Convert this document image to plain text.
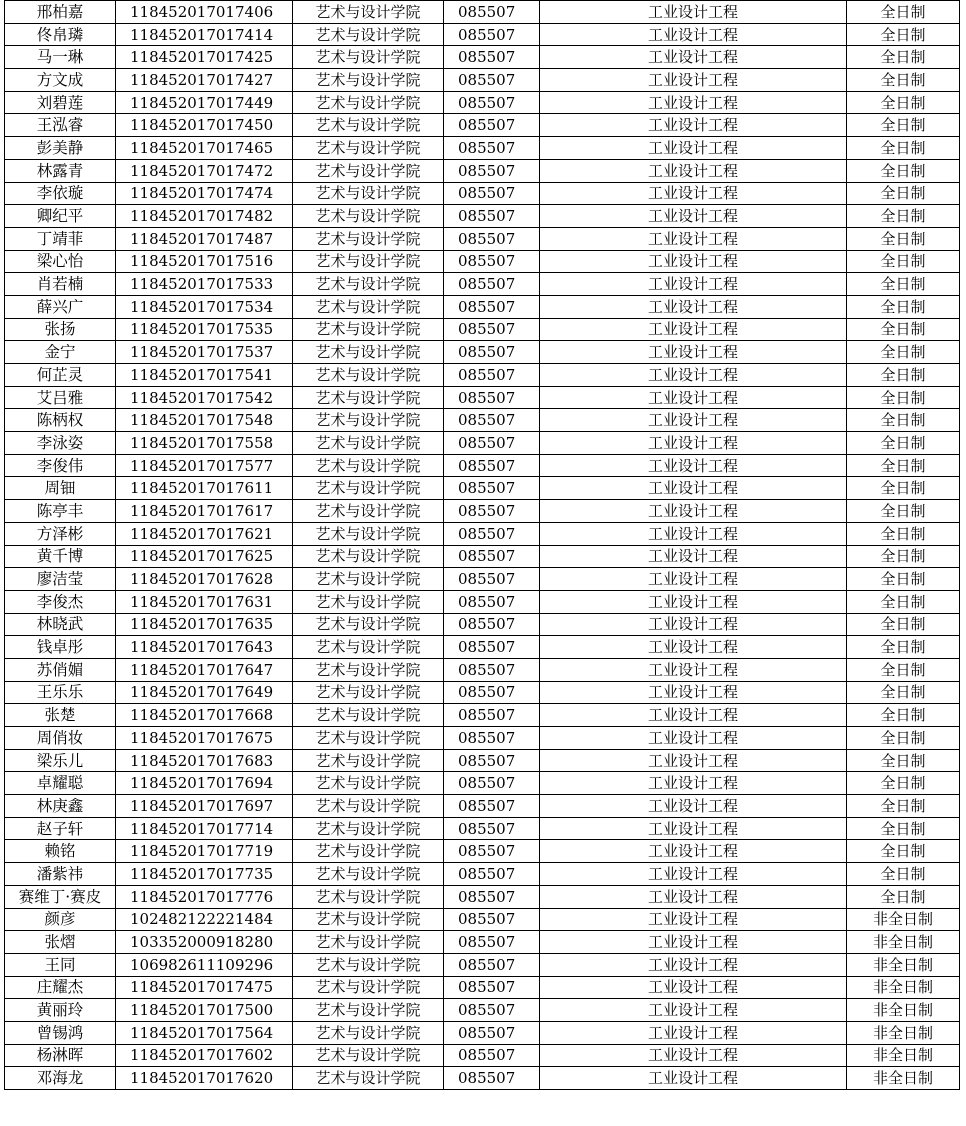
邢柏嘉	118452017017406	艺术与设计学院	085507	工业设计工程	全日制
佟帛璘	118452017017414	艺术与设计学院	085507	工业设计工程	全日制
马一琳	118452017017425	艺术与设计学院	085507	工业设计工程	全日制
方文成	118452017017427	艺术与设计学院	085507	工业设计工程	全日制
刘碧莲	118452017017449	艺术与设计学院	085507	工业设计工程	全日制
王泓睿	118452017017450	艺术与设计学院	085507	工业设计工程	全日制
彭美静	118452017017465	艺术与设计学院	085507	工业设计工程	全日制
林露青	118452017017472	艺术与设计学院	085507	工业设计工程	全日制
李依璇	118452017017474	艺术与设计学院	085507	工业设计工程	全日制
卿纪平	118452017017482	艺术与设计学院	085507	工业设计工程	全日制
丁靖菲	118452017017487	艺术与设计学院	085507	工业设计工程	全日制
梁心怡	118452017017516	艺术与设计学院	085507	工业设计工程	全日制
肖若楠	118452017017533	艺术与设计学院	085507	工业设计工程	全日制
薛兴广	118452017017534	艺术与设计学院	085507	工业设计工程	全日制
张扬	118452017017535	艺术与设计学院	085507	工业设计工程	全日制
金宁	118452017017537	艺术与设计学院	085507	工业设计工程	全日制
何芷灵	118452017017541	艺术与设计学院	085507	工业设计工程	全日制
艾吕雅	118452017017542	艺术与设计学院	085507	工业设计工程	全日制
陈柄权	118452017017548	艺术与设计学院	085507	工业设计工程	全日制
李泳姿	118452017017558	艺术与设计学院	085507	工业设计工程	全日制
李俊伟	118452017017577	艺术与设计学院	085507	工业设计工程	全日制
周钿	118452017017611	艺术与设计学院	085507	工业设计工程	全日制
陈亭丰	118452017017617	艺术与设计学院	085507	工业设计工程	全日制
方泽彬	118452017017621	艺术与设计学院	085507	工业设计工程	全日制
黄千博	118452017017625	艺术与设计学院	085507	工业设计工程	全日制
廖洁莹	118452017017628	艺术与设计学院	085507	工业设计工程	全日制
李俊杰	118452017017631	艺术与设计学院	085507	工业设计工程	全日制
林晓武	118452017017635	艺术与设计学院	085507	工业设计工程	全日制
钱卓彤	118452017017643	艺术与设计学院	085507	工业设计工程	全日制
苏俏媚	118452017017647	艺术与设计学院	085507	工业设计工程	全日制
王乐乐	118452017017649	艺术与设计学院	085507	工业设计工程	全日制
张楚	118452017017668	艺术与设计学院	085507	工业设计工程	全日制
周俏妆	118452017017675	艺术与设计学院	085507	工业设计工程	全日制
梁乐儿	118452017017683	艺术与设计学院	085507	工业设计工程	全日制
卓耀聪	118452017017694	艺术与设计学院	085507	工业设计工程	全日制
林庚鑫	118452017017697	艺术与设计学院	085507	工业设计工程	全日制
赵子轩	118452017017714	艺术与设计学院	085507	工业设计工程	全日制
赖铭	118452017017719	艺术与设计学院	085507	工业设计工程	全日制
潘紫祎	118452017017735	艺术与设计学院	085507	工业设计工程	全日制
赛维丁·赛皮	118452017017776	艺术与设计学院	085507	工业设计工程	全日制
颜彦	102482122221484	艺术与设计学院	085507	工业设计工程	非全日制
张熠	103352000918280	艺术与设计学院	085507	工业设计工程	非全日制
王同	106982611109296	艺术与设计学院	085507	工业设计工程	非全日制
庄耀杰	118452017017475	艺术与设计学院	085507	工业设计工程	非全日制
黄丽玲	118452017017500	艺术与设计学院	085507	工业设计工程	非全日制
曾锡鸿	118452017017564	艺术与设计学院	085507	工业设计工程	非全日制
杨淋晖	118452017017602	艺术与设计学院	085507	工业设计工程	非全日制
邓海龙	118452017017620	艺术与设计学院	085507	工业设计工程	非全日制
